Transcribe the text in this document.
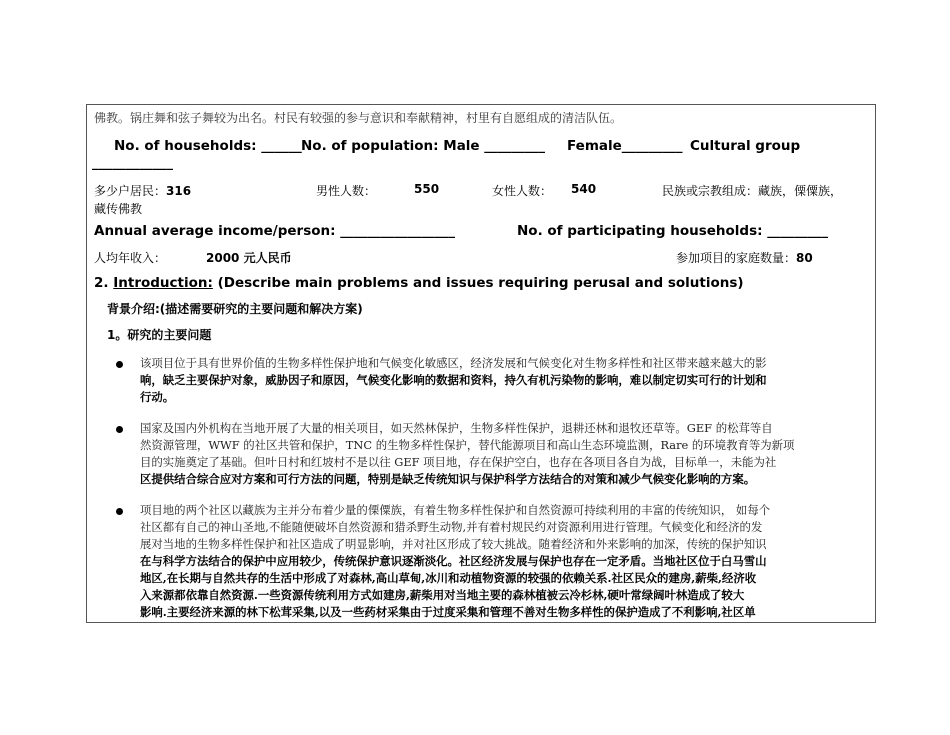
佛教。锅庄舞和弦子舞较为出名。村民有较强的参与意识和奉献精神，村里有自愿组成的清洁队伍。
No. of households: ______ No. of population: Male _________ Female_________ Cultural group
____________
多少户居民：316	男性人数：	550	女性人数： 540	民族或宗教组成：藏族，傈僳族，
藏传佛教
Annual average income/person: _________________	No. of participating households: _________
人均年收入：	2000 元人民币	参加项目的家庭数量：80
2. Introduction: (Describe main problems and issues requiring perusal and solutions)
背景介绍:(描述需要研究的主要问题和解决方案)
1。研究的主要问题
该项目位于具有世界价值的生物多样性保护地和气候变化敏感区，经济发展和气候变化对生物多样性和社区带来越来越大的影
响，缺乏主要保护对象，威胁因子和原因，气候变化影响的数据和资料，持久有机污染物的影响，难以制定切实可行的计划和
行动。
国家及国内外机构在当地开展了大量的相关项目，如天然林保护，生物多样性保护，退耕还林和退牧还草等。GEF 的松茸等自
然资源管理，WWF 的社区共管和保护，TNC 的生物多样性保护，替代能源项目和高山生态环境监测，Rare 的环境教育等为新项
目的实施奠定了基础。但叶日村和红坡村不是以往 GEF 项目地，存在保护空白，也存在各项目各自为战，目标单一，未能为社
区提供结合综合应对方案和可行方法的问题，特别是缺乏传统知识与保护科学方法结合的对策和减少气候变化影响的方案。
项目地的两个社区以藏族为主并分布着少量的傈僳族，有着生物多样性保护和自然资源可持续利用的丰富的传统知识， 如每个
社区都有自己的神山圣地,不能随便破坏自然资源和猎杀野生动物,并有着村规民约对资源利用进行管理。气候变化和经济的发
展对当地的生物多样性保护和社区造成了明显影响，并对社区形成了较大挑战。随着经济和外来影响的加深，传统的保护知识
在与科学方法结合的保护中应用较少，传统保护意识逐渐淡化。社区经济发展与保护也存在一定矛盾。当地社区位于白马雪山
地区,在长期与自然共存的生活中形成了对森林,高山草甸,冰川和动植物资源的较强的依赖关系.社区民众的建房,薪柴,经济收
入来源都依靠自然资源.一些资源传统利用方式如建房,薪柴用对当地主要的森林植被云冷杉林,硬叶常绿阔叶林造成了较大
影响.主要经济来源的林下松茸采集,以及一些药材采集由于过度采集和管理不善对生物多样性的保护造成了不利影响,社区单
